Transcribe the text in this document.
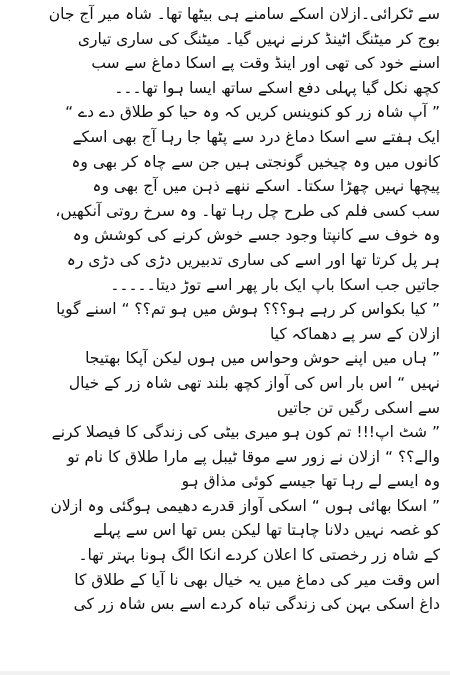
سے ٹکرائی۔ازلان اسکے سامنے ہی بیٹھا تھا۔ شاہ میر آج جان
بوج کر میٹنگ اٹینڈ کرنے نہیں گیا۔ میٹنگ کی ساری تیاری
اسنے خود کی تھی اور اینڈ وقت پے اسکا دماغ سے سب
کچھ نکل گیا پہلی دفع اسکے ساتھ ایسا ہوا تھا۔۔۔
” آپ شاہ زر کو کنوینس کریں کہ وہ حیا کو طلاق دے دے “
ایک ہفتے سے اسکا دماغ درد سے پٹھا جا رہا آج بھی اسکے
کانوں میں وہ چیخیں گونجتی ہیں جن سے چاہ کر بھی وہ
پیچھا نہیں چھڑا سکتا۔ اسکے ننھے ذہن میں آج بھی وہ
سب کسی فلم کی طرح چل رہا تھا۔ وہ سرخ روتی آنکھیں،
وہ خوف سے کانپتا وجود جسے خوش کرنے کی کوشش وہ
ہر پل کرتا تھا اور اسے کی ساری تدبیریں دڑی کی دڑی رہ
جاتیں جب اسکا باپ ایک بار پھر اسے توڑ دیتا۔۔۔۔۔
” کیا بکواس کر رہے ہو؟؟؟ ہوش میں ہو تم؟؟ “ اسنے گویا
ازلان کے سر پے دھماکہ کیا
” ہاں میں اپنے حوش وحواس میں ہوں لیکن آپکا بھتیجا
نہیں “ اس بار اس کی آواز کچھ بلند تھی شاہ زر کے خیال
سے اسکی رگیں تن جاتیں
” شٹ اپ!!! تم کون ہو میری بیٹی کی زندگی کا فیصلا کرنے
والے؟؟ “ ازلان نے زور سے موقا ٹیبل پے مارا طلاق کا نام تو
وہ ایسے لے رہا تھا جیسے کوئی مذاق ہو
” اسکا بھائی ہوں “ اسکی آواز قدرے دھیمی ہوگئی وہ ازلان
کو غصہ نہیں دلانا چاہتا تھا لیکن بس تھا اس سے پہلے
کے شاہ زر رخصتی کا اعلان کردے انکا الگ ہونا بہتر تھا۔
اس وقت میر کی دماغ میں یہ خیال بھی نا آیا کے طلاق کا
داغ اسکی بہن کی زندگی تباہ کردے اسے بس شاہ زر کی
